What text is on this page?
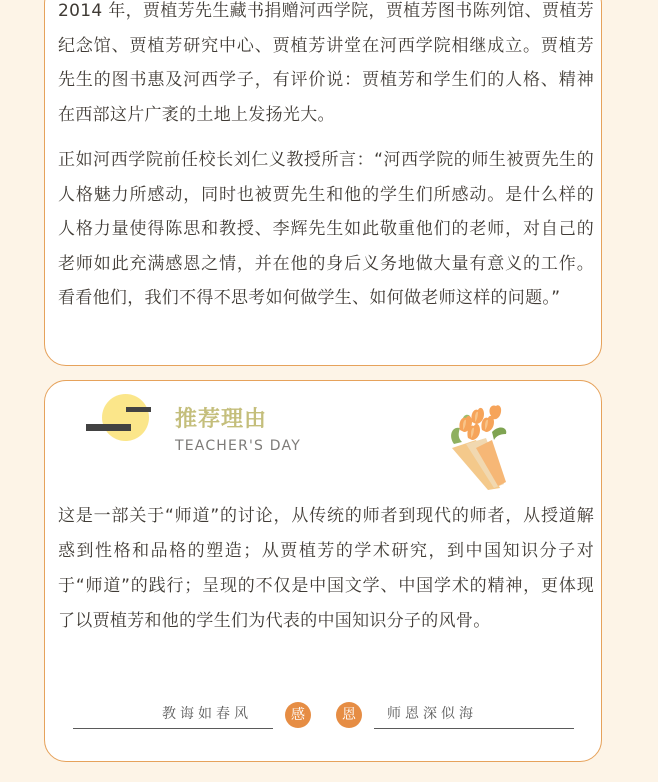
2014 年，贾植芳先生藏书捐赠河西学院，贾植芳图书陈列馆、贾植芳纪念馆、贾植芳研究中心、贾植芳讲堂在河西学院相继成立。贾植芳先生的图书惠及河西学子，有评价说：贾植芳和学生们的人格、精神在西部这片广袤的土地上发扬光大。

正如河西学院前任校长刘仁义教授所言：“河西学院的师生被贾先生的人格魅力所感动，同时也被贾先生和他的学生们所感动。是什么样的人格力量使得陈思和教授、李辉先生如此敬重他们的老师，对自己的老师如此充满感恩之情，并在他的身后义务地做大量有意义的工作。看看他们，我们不得不思考如何做学生、如何做老师这样的问题。”

推荐理由

TEACHER'S DAY

这是一部关于“师道”的讨论，从传统的师者到现代的师者，从授道解惑到性格和品格的塑造；从贾植芳的学术研究，到中国知识分子对于“师道”的践行；呈现的不仅是中国文学、中国学术的精神，更体现了以贾植芳和他的学生们为代表的中国知识分子的风骨。

教诲如春风	感	恩	师恩深似海
